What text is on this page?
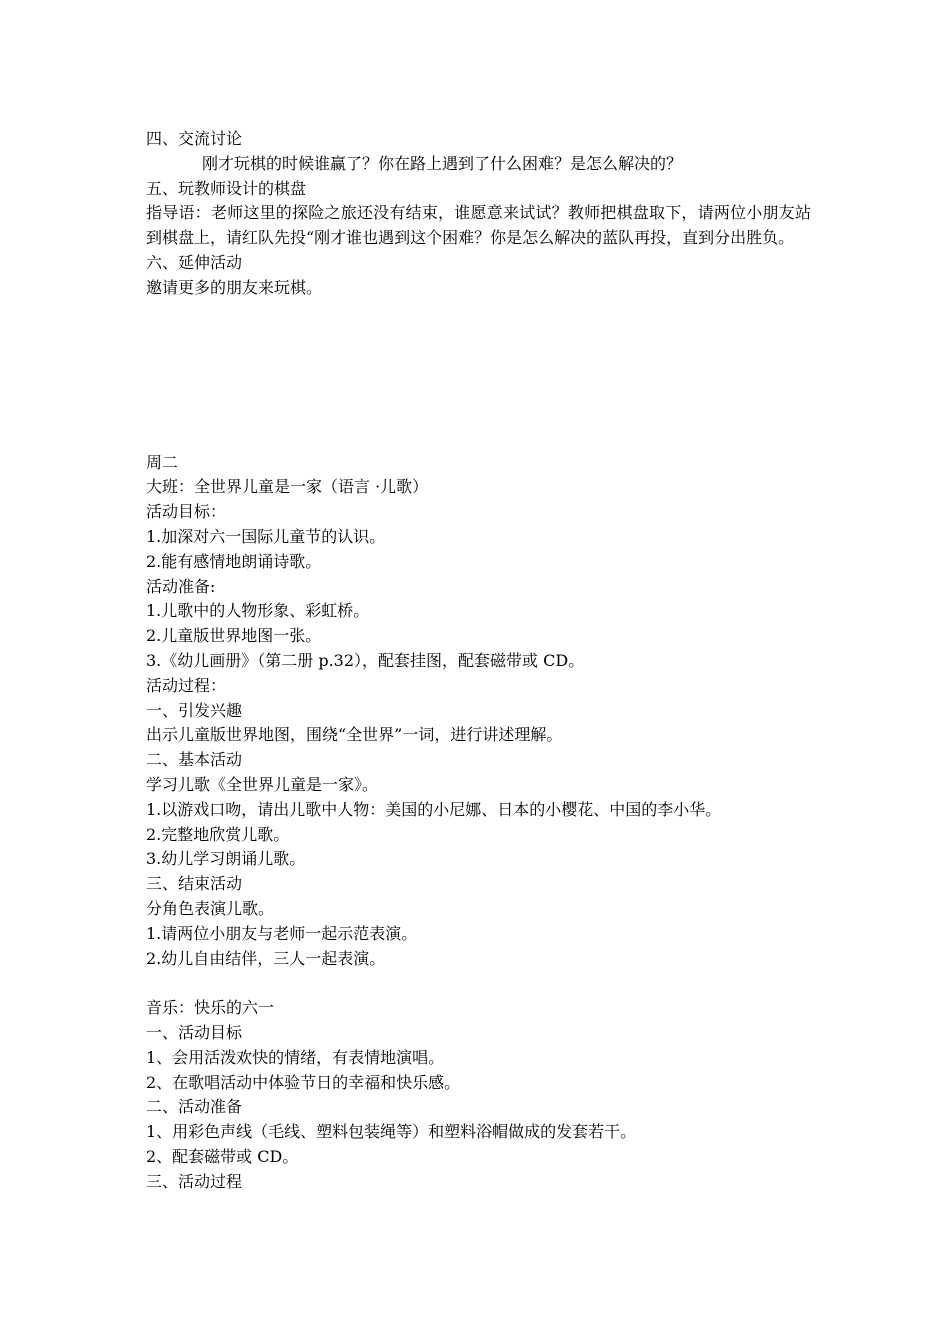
四、交流讨论
刚才玩棋的时候谁赢了？你在路上遇到了什么困难？是怎么解决的？
五、玩教师设计的棋盘
指导语：老师这里的探险之旅还没有结束，谁愿意来试试？教师把棋盘取下，请两位小朋友站到棋盘上，请红队先投“刚才谁也遇到这个困难？你是怎么解决的蓝队再投，直到分出胜负。
六、延伸活动
邀请更多的朋友来玩棋。
周二
大班：全世界儿童是一家（语言 ·儿歌）
活动目标：
1.加深对六一国际儿童节的认识。
2.能有感情地朗诵诗歌。
活动准备:
1.儿歌中的人物形象、彩虹桥。
2.儿童版世界地图一张。
3.《幼儿画册》（第二册 p.32），配套挂图，配套磁带或 CD。
活动过程：
一、引发兴趣
出示儿童版世界地图，围绕“全世界”一词，进行讲述理解。
二、基本活动
学习儿歌《全世界儿童是一家》。
1.以游戏口吻，请出儿歌中人物：美国的小尼娜、日本的小樱花、中国的李小华。
2.完整地欣赏儿歌。
3.幼儿学习朗诵儿歌。
三、结束活动
分角色表演儿歌。
1.请两位小朋友与老师一起示范表演。
2.幼儿自由结伴，三人一起表演。
音乐：快乐的六一
一、活动目标
1、会用活泼欢快的情绪，有表情地演唱。
2、在歌唱活动中体验节日的幸福和快乐感。
二、活动准备
1、用彩色声线（毛线、塑料包装绳等）和塑料浴帽做成的发套若干。
2、配套磁带或 CD。
三、活动过程
